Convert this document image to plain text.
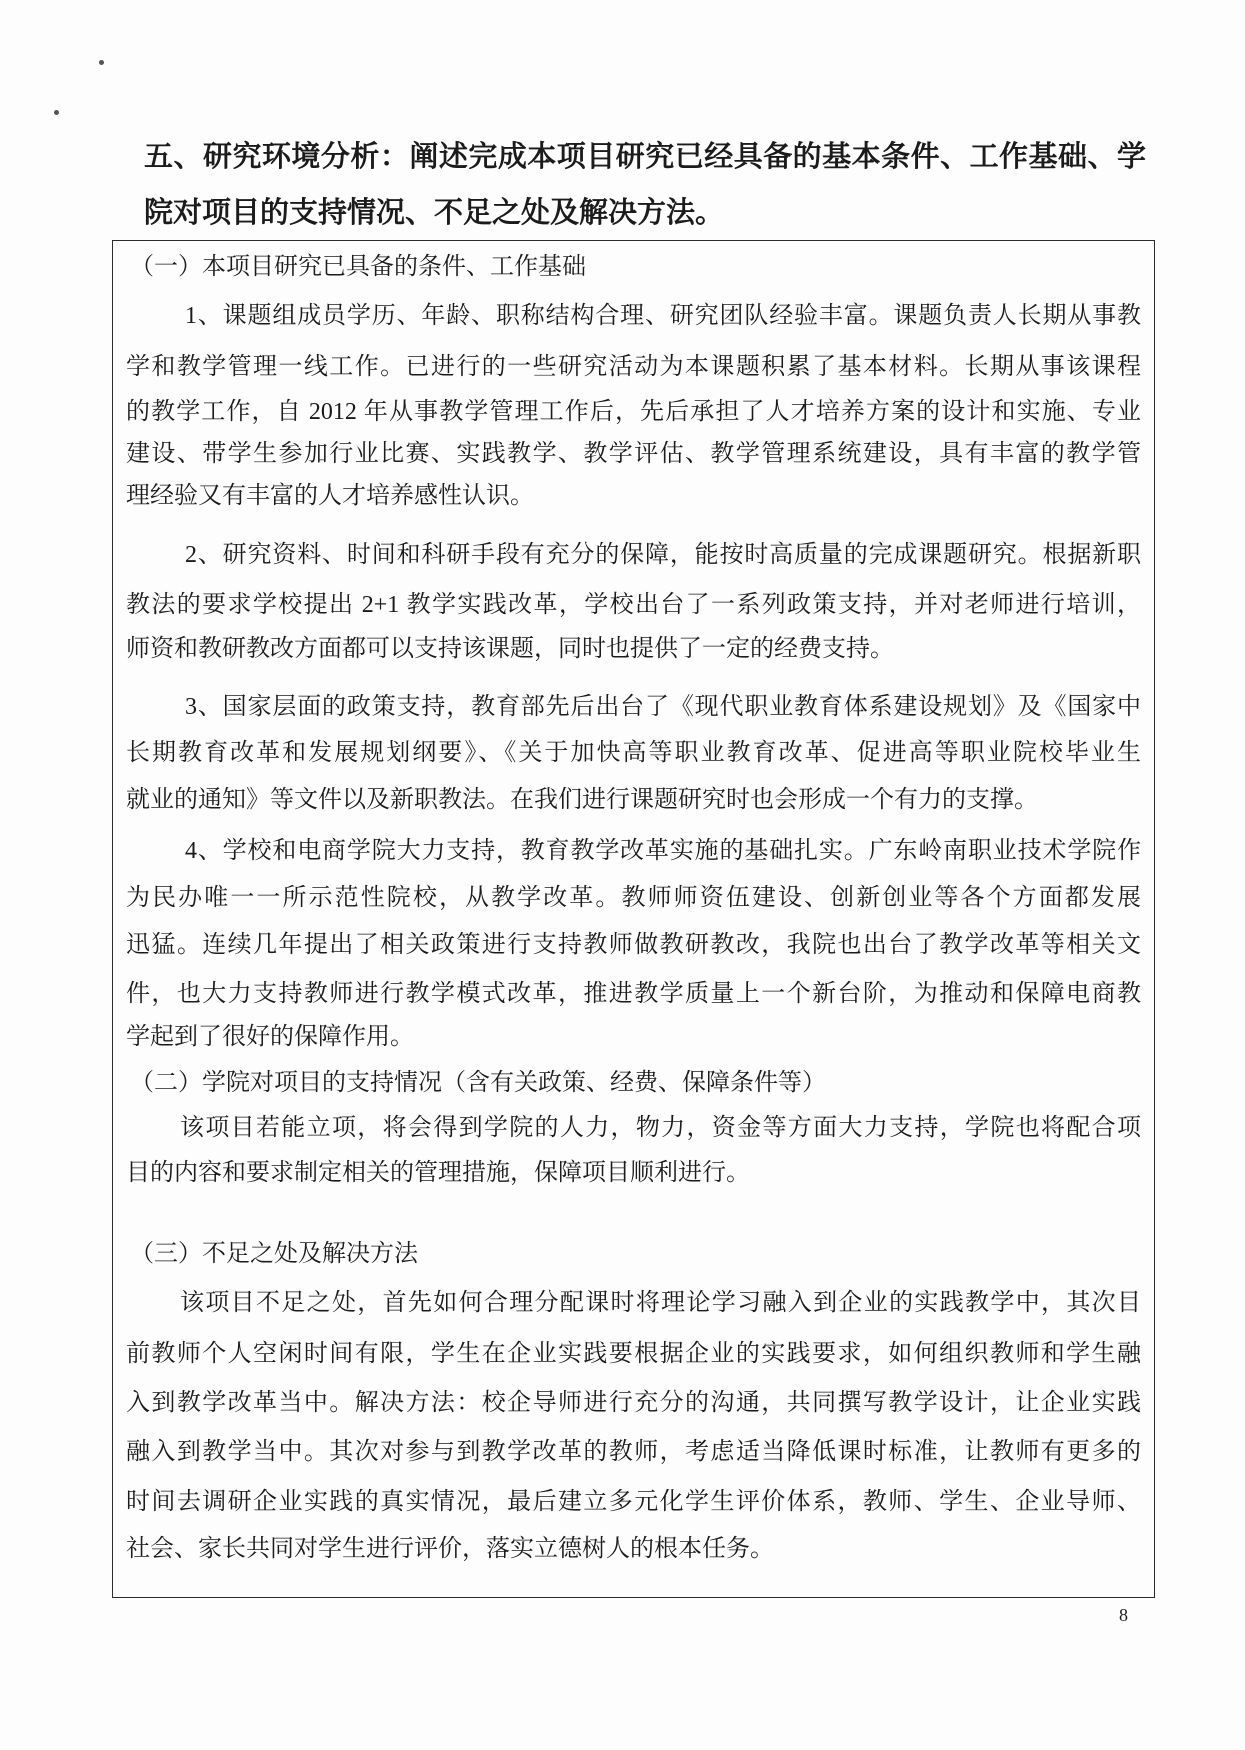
五、研究环境分析：阐述完成本项目研究已经具备的基本条件、工作基础、学
院对项目的支持情况、不足之处及解决方法。
（一）本项目研究已具备的条件、工作基础
1、课题组成员学历、年龄、职称结构合理、研究团队经验丰富。课题负责人长期从事教
学和教学管理一线工作。已进行的一些研究活动为本课题积累了基本材料。长期从事该课程
的教学工作，自 2012 年从事教学管理工作后，先后承担了人才培养方案的设计和实施、专业
建设、带学生参加行业比赛、实践教学、教学评估、教学管理系统建设，具有丰富的教学管
理经验又有丰富的人才培养感性认识。
2、研究资料、时间和科研手段有充分的保障，能按时高质量的完成课题研究。根据新职
教法的要求学校提出 2+1 教学实践改革，学校出台了一系列政策支持，并对老师进行培训，
师资和教研教改方面都可以支持该课题，同时也提供了一定的经费支持。
3、国家层面的政策支持，教育部先后出台了《现代职业教育体系建设规划》及《国家中
长期教育改革和发展规划纲要》、《关于加快高等职业教育改革、促进高等职业院校毕业生
就业的通知》等文件以及新职教法。在我们进行课题研究时也会形成一个有力的支撑。
4、学校和电商学院大力支持，教育教学改革实施的基础扎实。广东岭南职业技术学院作
为民办唯一一所示范性院校，从教学改革。教师师资伍建设、创新创业等各个方面都发展
迅猛。连续几年提出了相关政策进行支持教师做教研教改，我院也出台了教学改革等相关文
件，也大力支持教师进行教学模式改革，推进教学质量上一个新台阶，为推动和保障电商教
学起到了很好的保障作用。
（二）学院对项目的支持情况（含有关政策、经费、保障条件等）
该项目若能立项，将会得到学院的人力，物力，资金等方面大力支持，学院也将配合项
目的内容和要求制定相关的管理措施，保障项目顺利进行。
（三）不足之处及解决方法
该项目不足之处，首先如何合理分配课时将理论学习融入到企业的实践教学中，其次目
前教师个人空闲时间有限，学生在企业实践要根据企业的实践要求，如何组织教师和学生融
入到教学改革当中。解决方法：校企导师进行充分的沟通，共同撰写教学设计，让企业实践
融入到教学当中。其次对参与到教学改革的教师，考虑适当降低课时标准，让教师有更多的
时间去调研企业实践的真实情况，最后建立多元化学生评价体系，教师、学生、企业导师、
社会、家长共同对学生进行评价，落实立德树人的根本任务。
8
